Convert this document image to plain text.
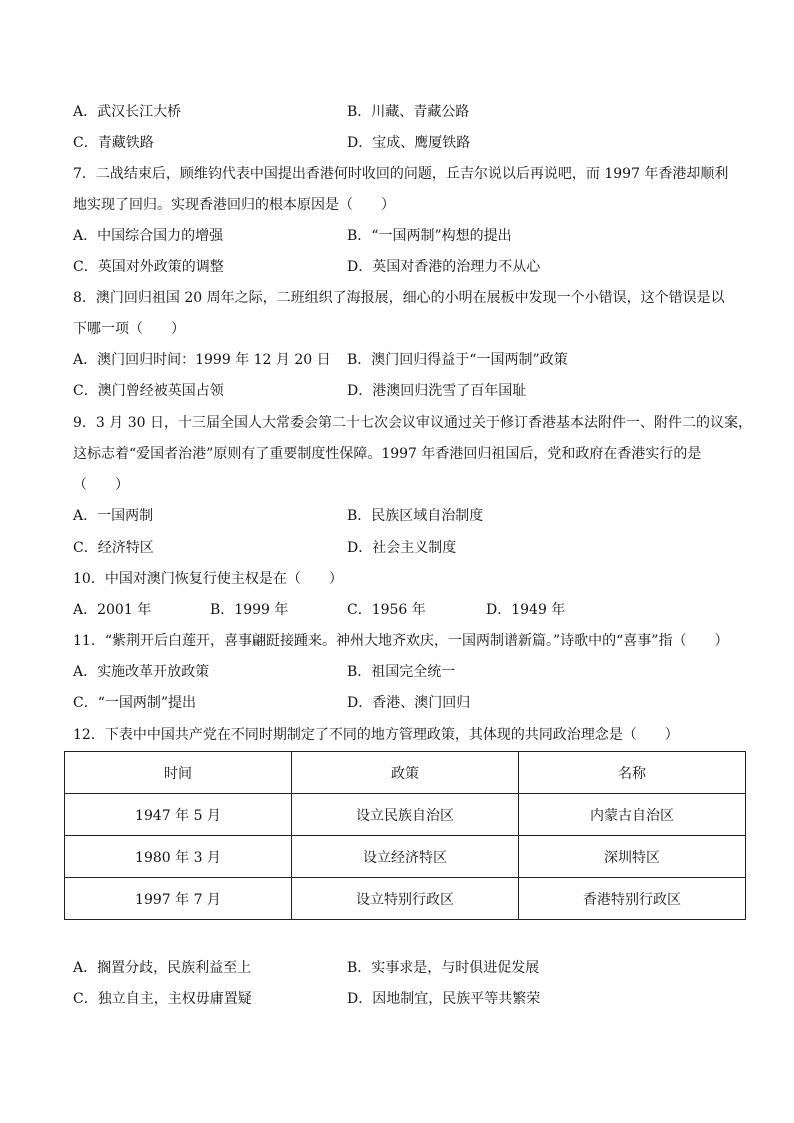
A．武汉长江大桥	B．川藏、青藏公路
C．青藏铁路	D．宝成、鹰厦铁路
7．二战结束后，顾维钧代表中国提出香港何时收回的问题，丘吉尔说以后再说吧，而 1997 年香港却顺利
地实现了回归。实现香港回归的根本原因是（　　）
A．中国综合国力的增强	B．“一国两制”构想的提出
C．英国对外政策的调整	D．英国对香港的治理力不从心
8．澳门回归祖国 20 周年之际，二班组织了海报展，细心的小明在展板中发现一个小错误，这个错误是以
下哪一项（　　）
A．澳门回归时间：1999 年 12 月 20 日 B．澳门回归得益于“一国两制”政策
C．澳门曾经被英国占领	D．港澳回归洗雪了百年国耻
9．3 月 30 日，十三届全国人大常委会第二十七次会议审议通过关于修订香港基本法附件一、附件二的议案，
这标志着“爱国者治港”原则有了重要制度性保障。1997 年香港回归祖国后，党和政府在香港实行的是
（　　）
A．一国两制	B．民族区域自治制度
C．经济特区	D．社会主义制度
10．中国对澳门恢复行使主权是在（　　）
A．2001 年	B．1999 年	C．1956 年	D．1949 年
11．“紫荆开后白莲开，喜事翩跹接踵来。神州大地齐欢庆，一国两制谱新篇。”诗歌中的“喜事”指（　　）
A．实施改革开放政策	B．祖国完全统一
C．“一国两制”提出	D．香港、澳门回归
12．下表中中国共产党在不同时期制定了不同的地方管理政策，其体现的共同政治理念是（　　）
时间	政策	名称
1947 年 5 月	设立民族自治区	内蒙古自治区
1980 年 3 月	设立经济特区	深圳特区
1997 年 7 月	设立特别行政区	香港特别行政区
A．搁置分歧，民族利益至上	B．实事求是，与时俱进促发展
C．独立自主，主权毋庸置疑	D．因地制宜，民族平等共繁荣
